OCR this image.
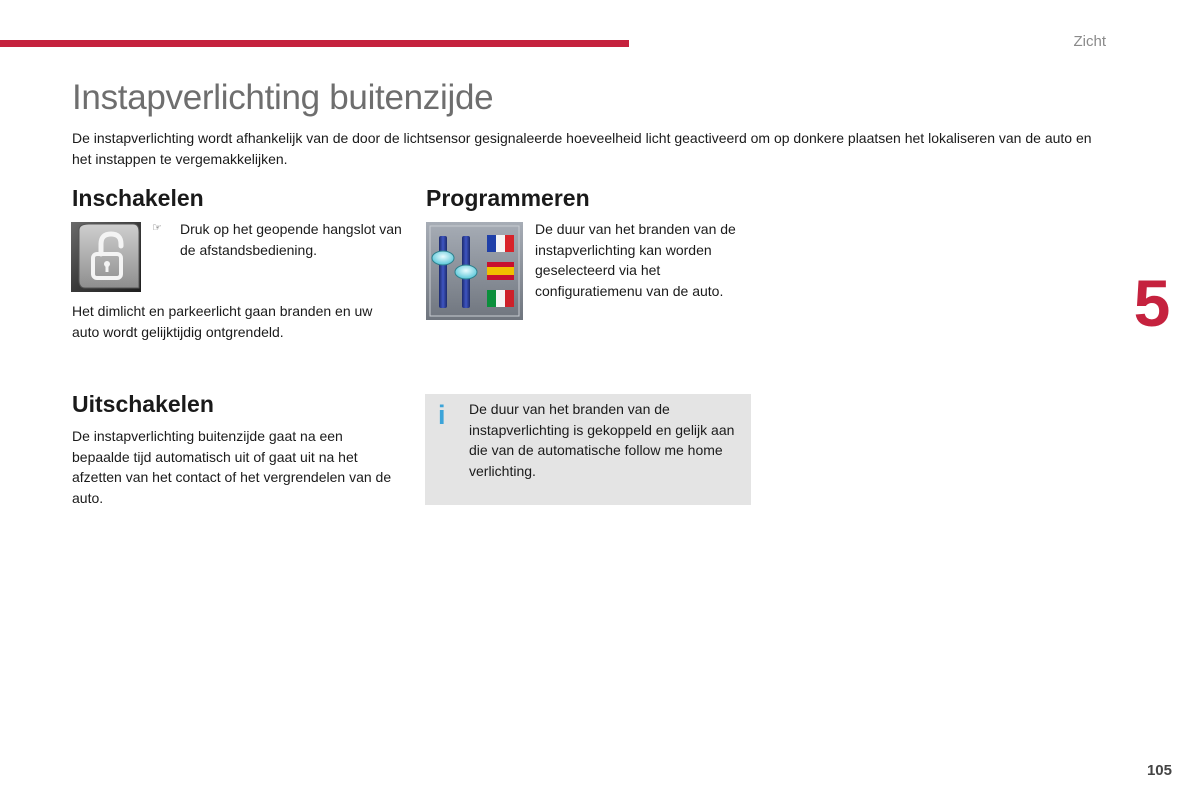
Zicht
Instapverlichting buitenzijde

De instapverlichting wordt afhankelijk van de door de lichtsensor gesignaleerde hoeveelheid licht geactiveerd om op donkere plaatsen het lokaliseren van de auto en het instappen te vergemakkelijken.

5
Inschakelen
☞ Druk op het geopende hangslot van de afstandsbediening.

Het dimlicht en parkeerlicht gaan branden en uw auto wordt gelijktijdig ontgrendeld.

Uitschakelen

De instapverlichting buitenzijde gaat na een bepaalde tijd automatisch uit of gaat uit na het afzetten van het contact of het vergrendelen van de auto.

Programmeren

De duur van het branden van de instapverlichting kan worden geselecteerd via het configuratiemenu van de auto.

i De duur van het branden van de instapverlichting is gekoppeld en gelijk aan die van de automatische follow me home verlichting.

105
